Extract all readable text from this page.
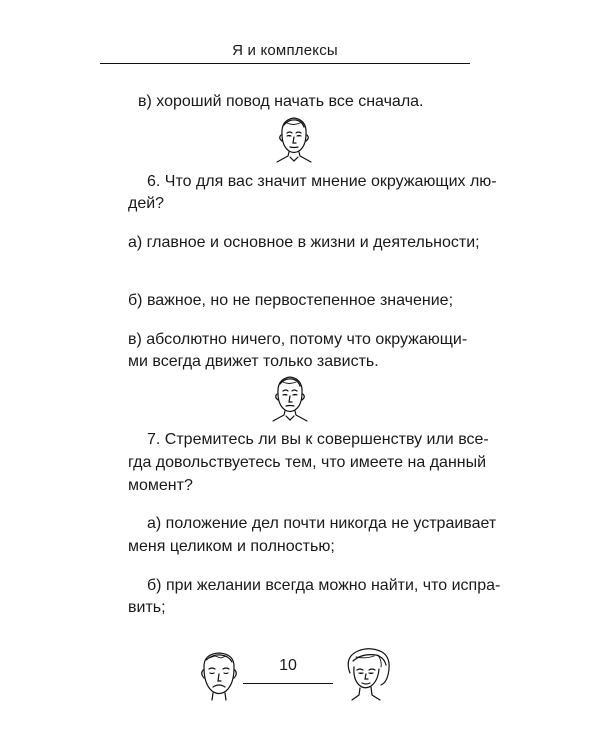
Я и комплексы
в) хороший повод начать все сначала.
6. Что для вас значит мнение окружающих лю-
дей?
а) главное и основное в жизни и деятельности;
б) важное, но не первостепенное значение;
в) абсолютно ничего, потому что окружающи-
ми всегда движет только зависть.
7. Стремитесь ли вы к совершенству или все-
гда довольствуетесь тем, что имеете на данный
момент?
а) положение дел почти никогда не устраивает
меня целиком и полностью;
б) при желании всегда можно найти, что испра-
вить;
10
